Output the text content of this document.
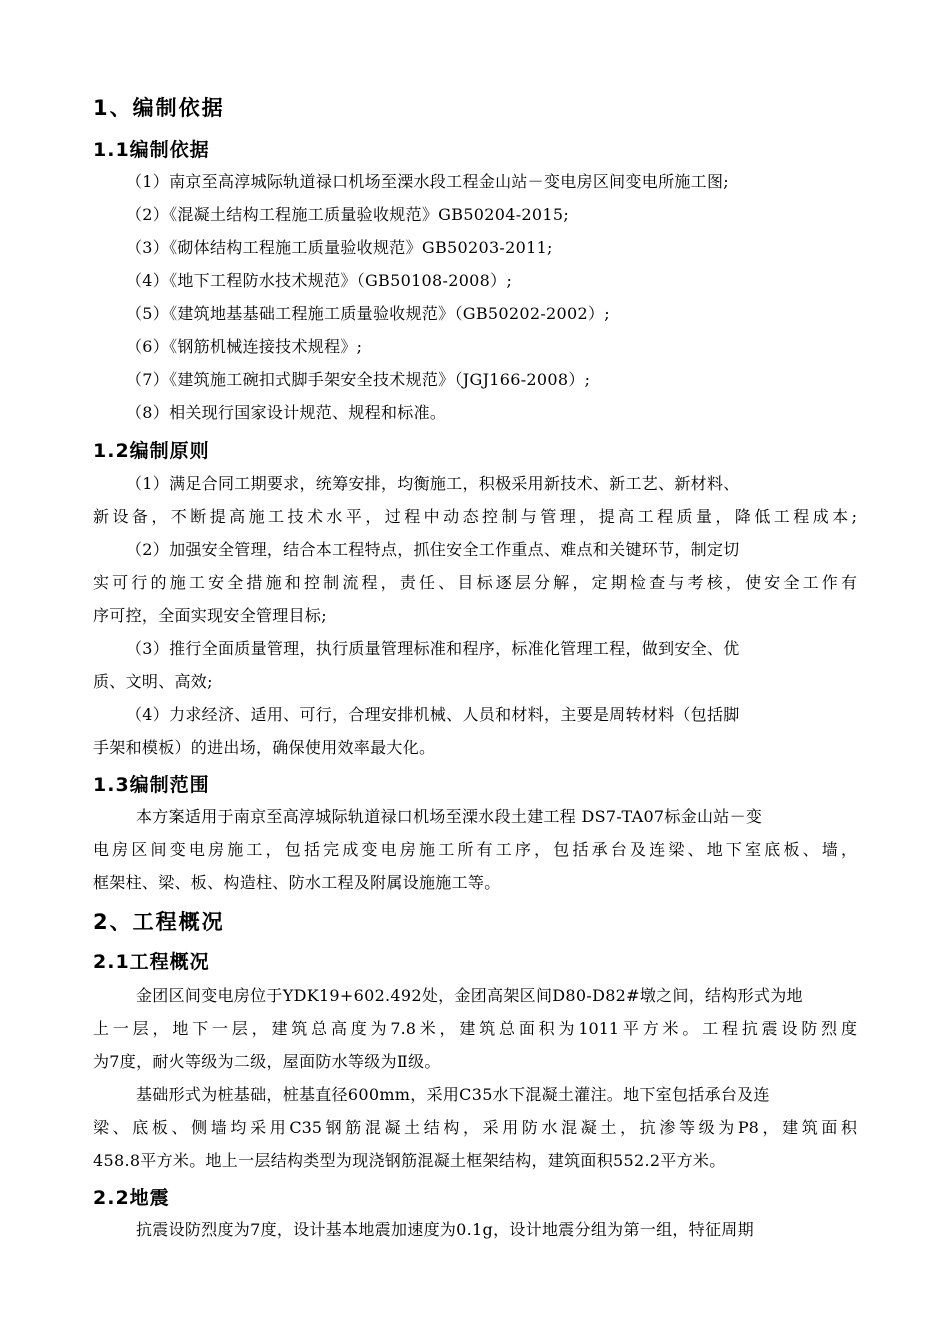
1、编制依据
1.1编制依据
（1）南京至高淳城际轨道禄口机场至溧水段工程金山站－变电房区间变电所施工图;
（2）《混凝土结构工程施工质量验收规范》GB50204-2015;
（3）《砌体结构工程施工质量验收规范》GB50203-2011;
（4）《地下工程防水技术规范》（GB50108-2008）;
（5）《建筑地基基础工程施工质量验收规范》（GB50202-2002）;
（6）《钢筋机械连接技术规程》;
（7）《建筑施工碗扣式脚手架安全技术规范》（JGJ166-2008）;
（8）相关现行国家设计规范、规程和标准。
1.2编制原则
（1）满足合同工期要求，统筹安排，均衡施工，积极采用新技术、新工艺、新材料、
新设备，不断提高施工技术水平，过程中动态控制与管理，提高工程质量，降低工程成本;
（2）加强安全管理，结合本工程特点，抓住安全工作重点、难点和关键环节，制定切
实可行的施工安全措施和控制流程，责任、目标逐层分解，定期检查与考核，使安全工作有
序可控，全面实现安全管理目标;
（3）推行全面质量管理，执行质量管理标准和程序，标准化管理工程，做到安全、优
质、文明、高效;
（4）力求经济、适用、可行，合理安排机械、人员和材料，主要是周转材料（包括脚
手架和模板）的进出场，确保使用效率最大化。
1.3编制范围
本方案适用于南京至高淳城际轨道禄口机场至溧水段土建工程 DS7-TA07标金山站－变
电房区间变电房施工，包括完成变电房施工所有工序，包括承台及连梁、地下室底板、墙，
框架柱、梁、板、构造柱、防水工程及附属设施施工等。
2、工程概况
2.1工程概况
金团区间变电房位于YDK19+602.492处，金团高架区间D80-D82#墩之间，结构形式为地
上一层，地下一层，建筑总高度为7.8米，建筑总面积为1011平方米。工程抗震设防烈度
为7度，耐火等级为二级，屋面防水等级为Ⅱ级。
基础形式为桩基础，桩基直径600mm，采用C35水下混凝土灌注。地下室包括承台及连
梁、底板、侧墙均采用C35钢筋混凝土结构，采用防水混凝土，抗渗等级为P8，建筑面积
458.8平方米。地上一层结构类型为现浇钢筋混凝土框架结构，建筑面积552.2平方米。
2.2地震
抗震设防烈度为7度，设计基本地震加速度为0.1g，设计地震分组为第一组，特征周期
